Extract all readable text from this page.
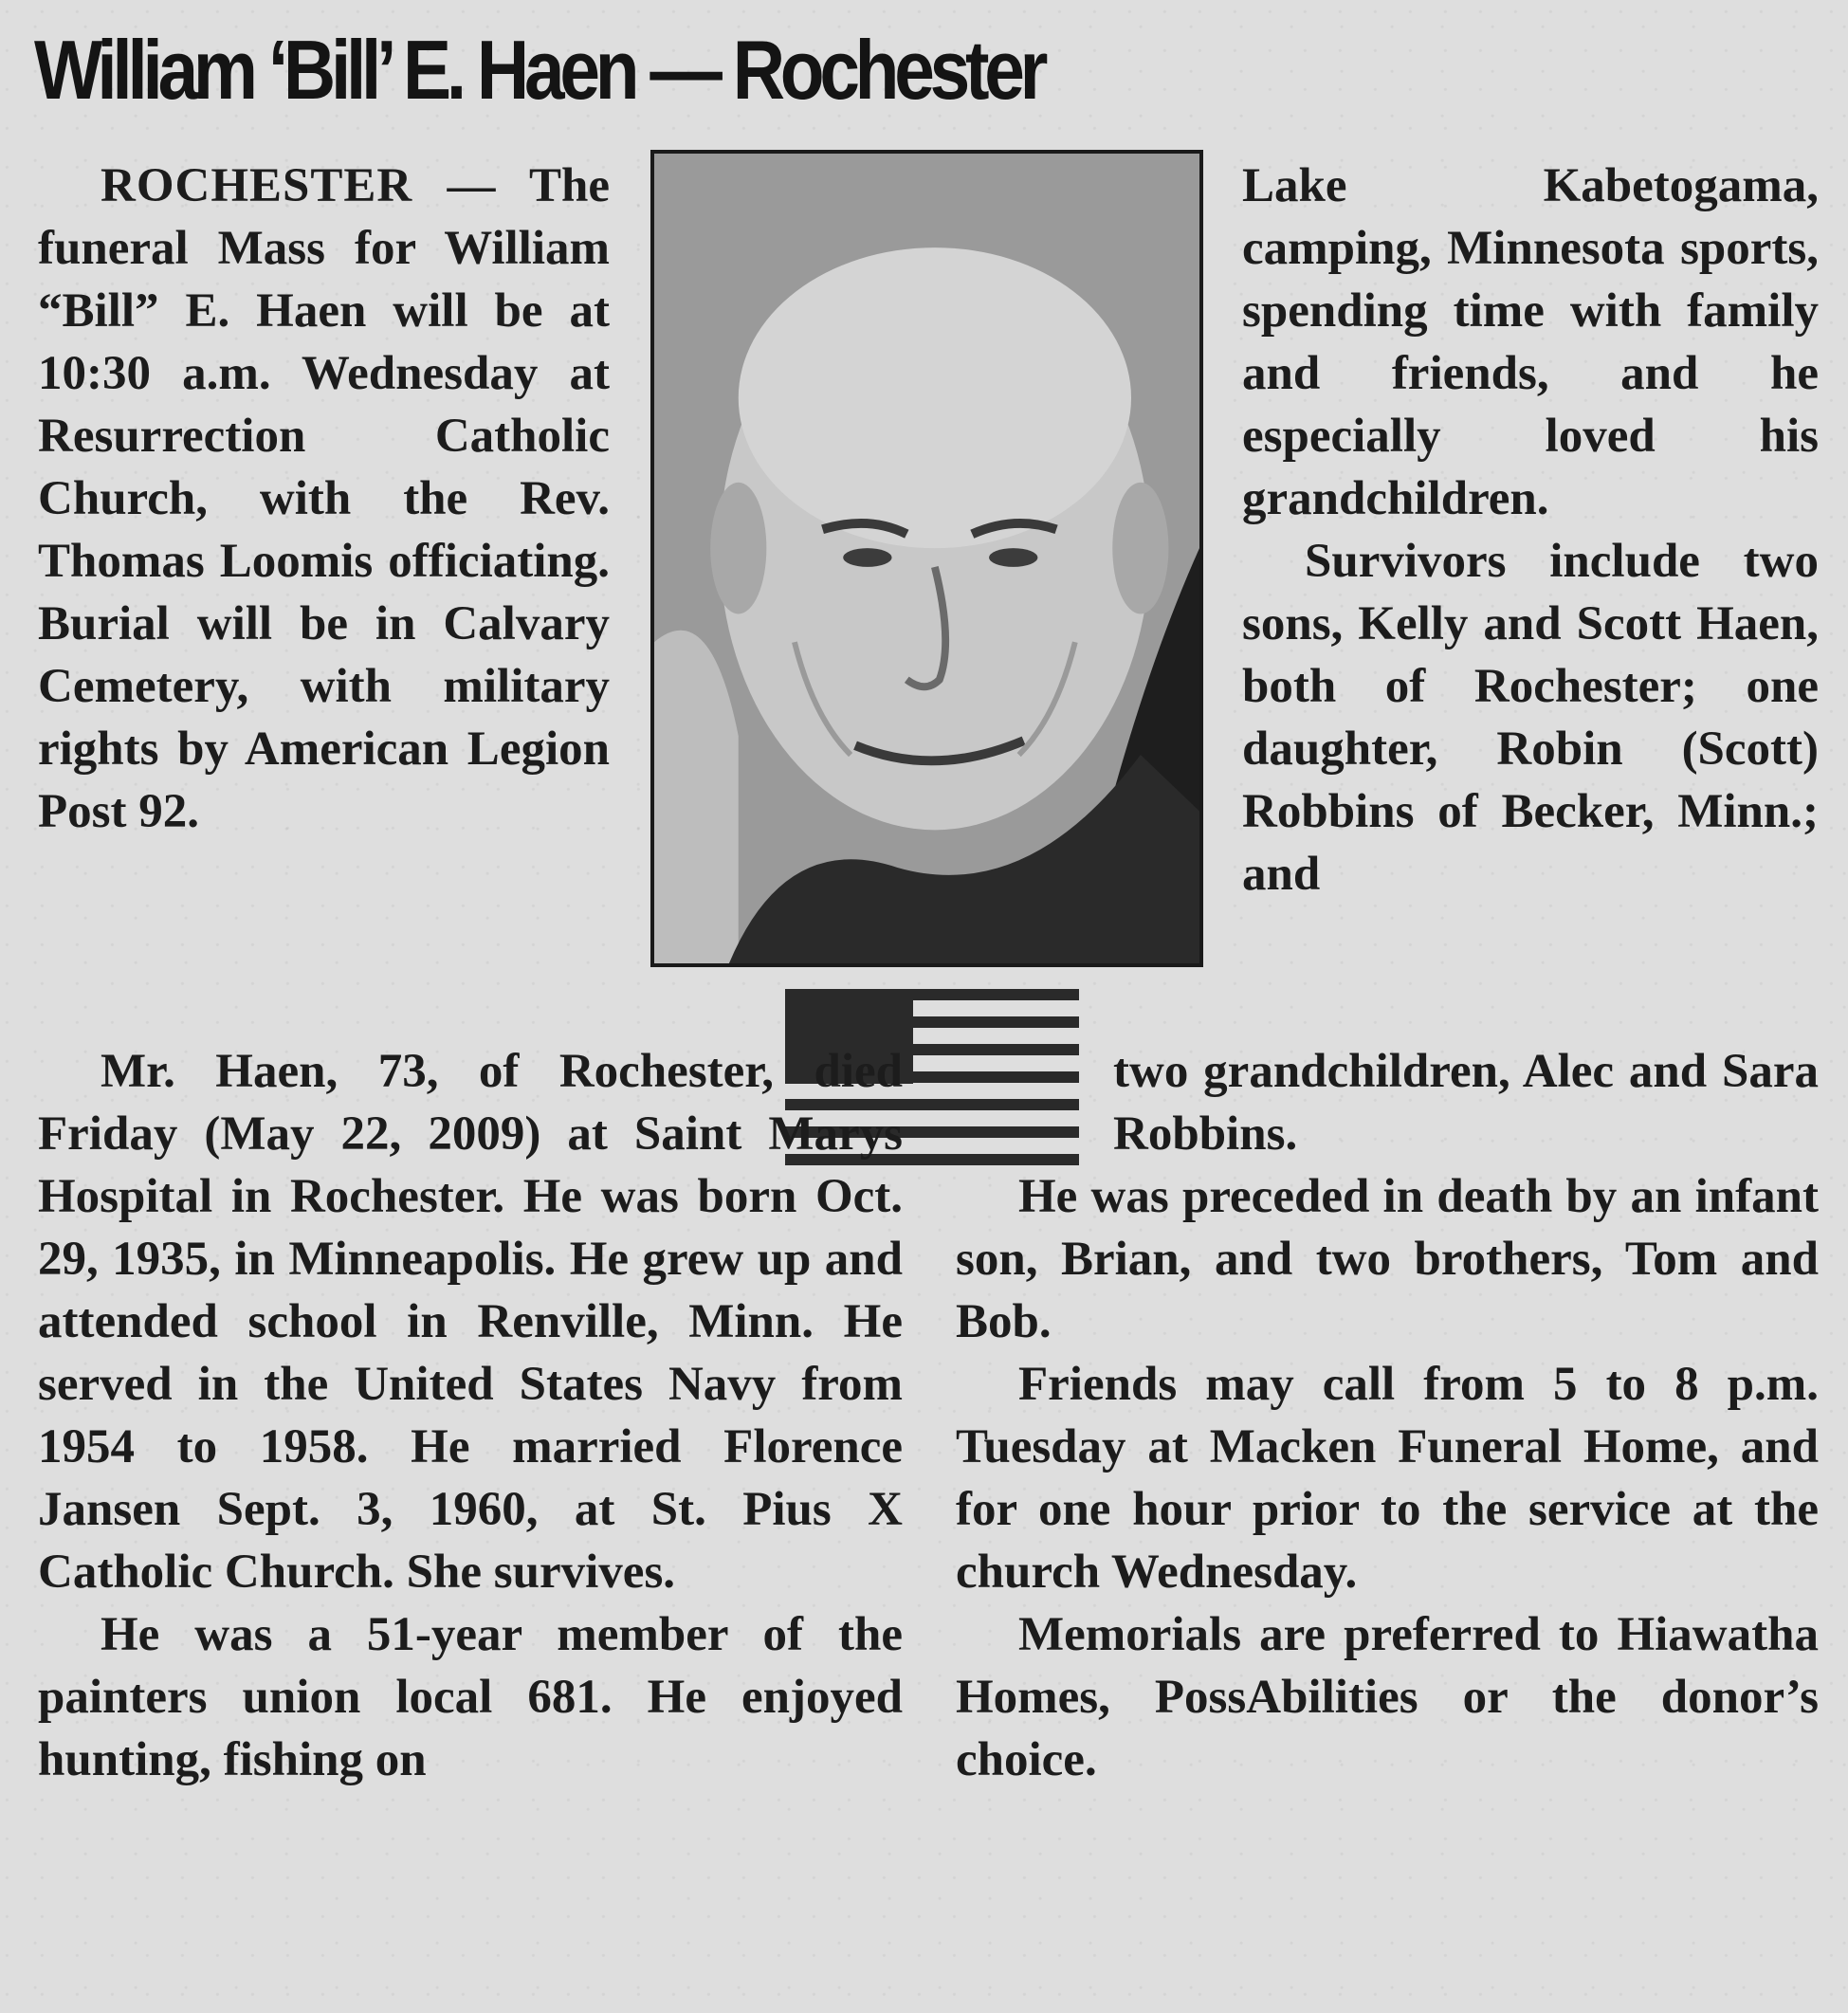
William ‘Bill’ E. Haen — Rochester
ROCHESTER — The funeral Mass for William “Bill” E. Haen will be at 10:30 a.m. Wednesday at Resurrection Catholic Church, with the Rev. Thomas Loomis officiating. Burial will be in Calvary Cemetery, with military rights by American Legion Post 92.
Mr. Haen, 73, of Rochester, died Friday (May 22, 2009) at Saint Marys Hospital in Rochester. He was born Oct. 29, 1935, in Minneapolis. He grew up and attended school in Renville, Minn. He served in the United States Navy from 1954 to 1958. He married Florence Jansen Sept. 3, 1960, at St. Pius X Catholic Church. She survives.
He was a 51-year member of the painters union local 681. He enjoyed hunting, fishing on
Lake Kabetogama, camping, Minnesota sports, spending time with family and friends, and he especially loved his grandchildren.
Survivors include two sons, Kelly and Scott Haen, both of Rochester; one daughter, Robin (Scott) Robbins of Becker, Minn.; and
two grandchildren, Alec and Sara Robbins.
He was preceded in death by an infant son, Brian, and two brothers, Tom and Bob.
Friends may call from 5 to 8 p.m. Tuesday at Macken Funeral Home, and for one hour prior to the service at the church Wednesday.
Memorials are preferred to Hiawatha Homes, PossAbilities or the donor’s choice.
